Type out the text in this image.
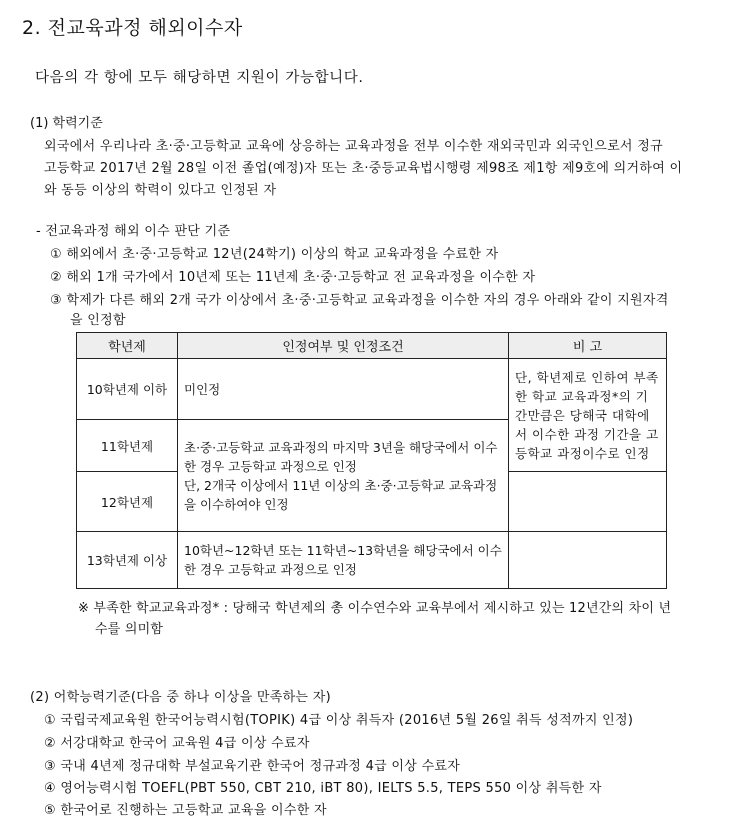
2. 전교육과정 해외이수자
다음의 각 항에 모두 해당하면 지원이 가능합니다.
(1) 학력기준
외국에서 우리나라 초·중·고등학교 교육에 상응하는 교육과정을 전부 이수한 재외국민과 외국인으로서 정규
고등학교 2017년 2월 28일 이전 졸업(예정)자 또는 초·중등교육법시행령 제98조 제1항 제9호에 의거하여 이
와 동등 이상의 학력이 있다고 인정된 자
- 전교육과정 해외 이수 판단 기준
① 해외에서 초·중·고등학교 12년(24학기) 이상의 학교 교육과정을 수료한 자
② 해외 1개 국가에서 10년제 또는 11년제 초·중·고등학교 전 교육과정을 이수한 자
③ 학제가 다른 해외 2개 국가 이상에서 초·중·고등학교 교육과정을 이수한 자의 경우 아래와 같이 지원자격
을 인정함
학년제	인정여부 및 인정조건	비 고
10학년제 이하	미인정	단, 학년제로 인하여 부족한 학교 교육과정*의 기간만큼은 당해국 대학에서 이수한 과정 기간을 고등학교 과정이수로 인정
11학년제	초·중·고등학교 교육과정의 마지막 3년을 해당국에서 이수한 경우 고등학교 과정으로 인정
단, 2개국 이상에서 11년 이상의 초·중·고등학교 교육과정을 이수하여야 인정	

12학년제		
13학년제 이상	10학년~12학년 또는 11학년~13학년을 해당국에서 이수한 경우 고등학교 과정으로 인정	
※ 부족한 학교교육과정* : 당해국 학년제의 총 이수연수와 교육부에서 제시하고 있는 12년간의 차이 년
수를 의미함
(2) 어학능력기준(다음 중 하나 이상을 만족하는 자)
① 국립국제교육원 한국어능력시험(TOPIK) 4급 이상 취득자 (2016년 5월 26일 취득 성적까지 인정)
② 서강대학교 한국어 교육원 4급 이상 수료자
③ 국내 4년제 정규대학 부설교육기관 한국어 정규과정 4급 이상 수료자
④ 영어능력시험 TOEFL(PBT 550, CBT 210, iBT 80), IELTS 5.5, TEPS 550 이상 취득한 자
⑤ 한국어로 진행하는 고등학교 교육을 이수한 자
